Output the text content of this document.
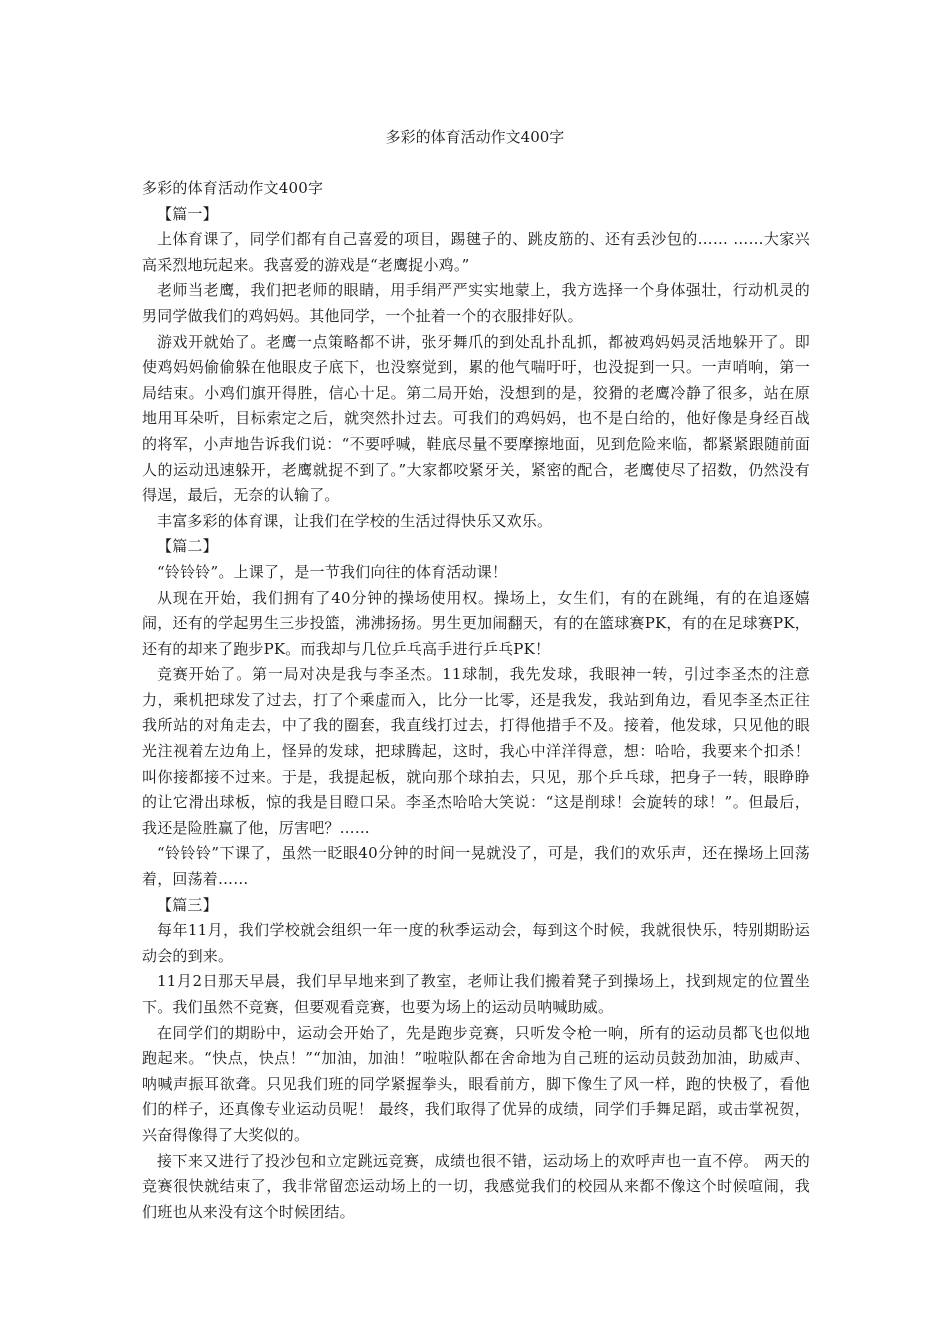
多彩的体育活动作文400字

多彩的体育活动作文400字

【篇一】

上体育课了，同学们都有自己喜爱的项目，踢毽子的、跳皮筋的、还有丢沙包的…… ……大家兴高采烈地玩起来。我喜爱的游戏是“老鹰捉小鸡。”

老师当老鹰，我们把老师的眼睛，用手绢严严实实地蒙上，我方选择一个身体强壮，行动机灵的男同学做我们的鸡妈妈。其他同学，一个扯着一个的衣服排好队。

游戏开就始了。老鹰一点策略都不讲，张牙舞爪的到处乱扑乱抓，都被鸡妈妈灵活地躲开了。即使鸡妈妈偷偷躲在他眼皮子底下，也没察觉到，累的他气喘吁吁，也没捉到一只。一声哨响，第一局结束。小鸡们旗开得胜，信心十足。第二局开始，没想到的是，狡猾的老鹰冷静了很多，站在原地用耳朵听，目标索定之后，就突然扑过去。可我们的鸡妈妈，也不是白给的，他好像是身经百战的将军，小声地告诉我们说：“不要呼喊，鞋底尽量不要摩擦地面，见到危险来临，都紧紧跟随前面人的运动迅速躲开，老鹰就捉不到了。”大家都咬紧牙关，紧密的配合，老鹰使尽了招数，仍然没有得逞，最后，无奈的认输了。

丰富多彩的体育课，让我们在学校的生活过得快乐又欢乐。

【篇二】

“铃铃铃”。上课了，是一节我们向往的体育活动课！

从现在开始，我们拥有了40分钟的操场使用权。操场上，女生们，有的在跳绳，有的在追逐嬉闹，还有的学起男生三步投篮，沸沸扬扬。男生更加闹翻天，有的在篮球赛PK，有的在足球赛PK，还有的却来了跑步PK。而我却与几位乒乓高手进行乒乓PK！

竞赛开始了。第一局对决是我与李圣杰。11球制，我先发球，我眼神一转，引过李圣杰的注意力，乘机把球发了过去，打了个乘虚而入，比分一比零，还是我发，我站到角边，看见李圣杰正往我所站的对角走去，中了我的圈套，我直线打过去，打得他措手不及。接着，他发球，只见他的眼光注视着左边角上，怪异的发球，把球腾起，这时，我心中洋洋得意，想：哈哈，我要来个扣杀！叫你接都接不过来。于是，我提起板，就向那个球拍去，只见，那个乒乓球，把身子一转，眼睁睁的让它滑出球板，惊的我是目瞪口呆。李圣杰哈哈大笑说：“这是削球！会旋转的球！”。但最后，我还是险胜赢了他，厉害吧？……

“铃铃铃”下课了，虽然一眨眼40分钟的时间一晃就没了，可是，我们的欢乐声，还在操场上回荡着，回荡着……

【篇三】

每年11月，我们学校就会组织一年一度的秋季运动会，每到这个时候，我就很快乐，特别期盼运动会的到来。

11月2日那天早晨，我们早早地来到了教室，老师让我们搬着凳子到操场上，找到规定的位置坐下。我们虽然不竞赛，但要观看竞赛，也要为场上的运动员呐喊助威。

在同学们的期盼中，运动会开始了，先是跑步竞赛，只听发令枪一响，所有的运动员都飞也似地跑起来。“快点，快点！”“加油，加油！”啦啦队都在舍命地为自己班的运动员鼓劲加油，助威声、呐喊声振耳欲聋。只见我们班的同学紧握拳头，眼看前方，脚下像生了风一样，跑的快极了，看他们的样子，还真像专业运动员呢！ 最终，我们取得了优异的成绩，同学们手舞足蹈，或击掌祝贺，兴奋得像得了大奖似的。

接下来又进行了投沙包和立定跳远竞赛，成绩也很不错，运动场上的欢呼声也一直不停。 两天的竞赛很快就结束了，我非常留恋运动场上的一切，我感觉我们的校园从来都不像这个时候喧闹，我们班也从来没有这个时候团结。
